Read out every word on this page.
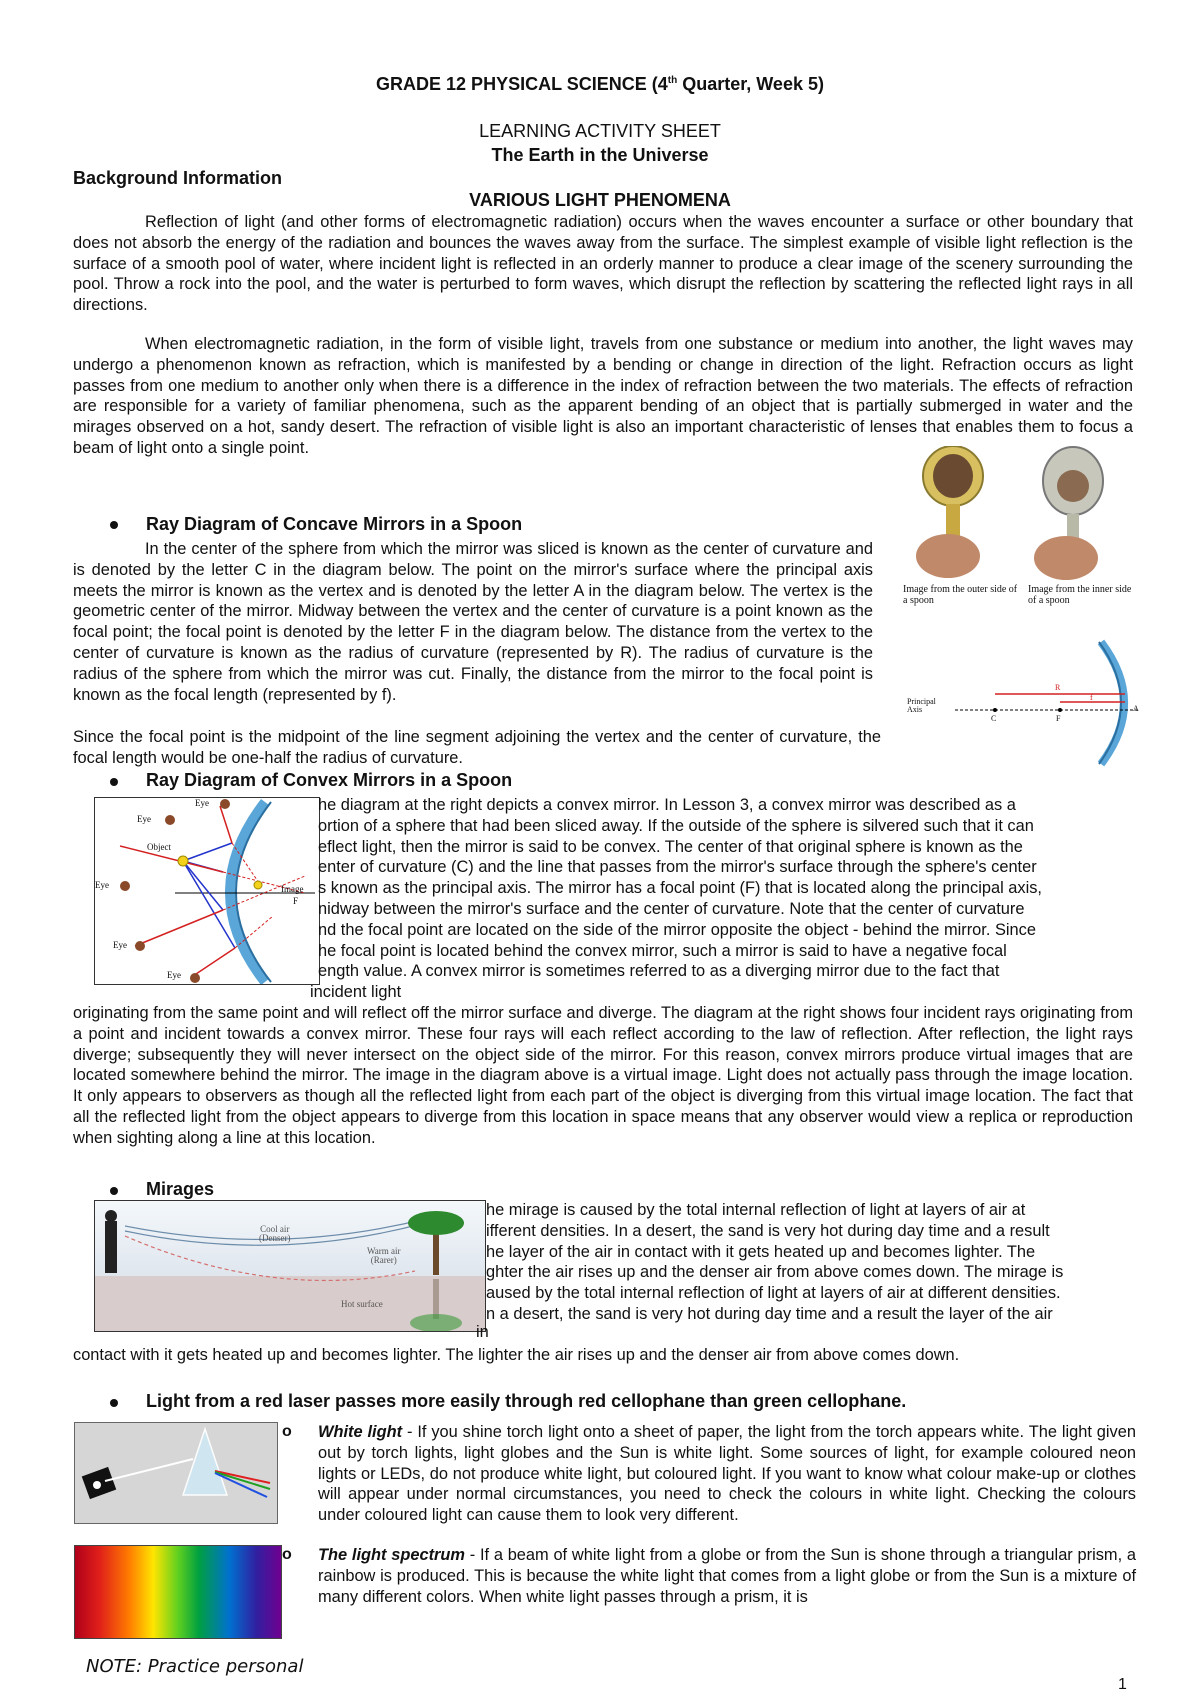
GRADE 12 PHYSICAL SCIENCE (4th Quarter, Week 5)
LEARNING ACTIVITY SHEET
The Earth in the Universe
Background Information
VARIOUS LIGHT PHENOMENA
Reflection of light (and other forms of electromagnetic radiation) occurs when the waves encounter a surface or other boundary that does not absorb the energy of the radiation and bounces the waves away from the surface. The simplest example of visible light reflection is the surface of a smooth pool of water, where incident light is reflected in an orderly manner to produce a clear image of the scenery surrounding the pool. Throw a rock into the pool, and the water is perturbed to form waves, which disrupt the reflection by scattering the reflected light rays in all directions.
When electromagnetic radiation, in the form of visible light, travels from one substance or medium into another, the light waves may undergo a phenomenon known as refraction, which is manifested by a bending or change in direction of the light. Refraction occurs as light passes from one medium to another only when there is a difference in the index of refraction between the two materials. The effects of refraction are responsible for a variety of familiar phenomena, such as the apparent bending of an object that is partially submerged in water and the mirages observed on a hot, sandy desert. The refraction of visible light is also an important characteristic of lenses that enables them to focus a beam of light onto a single point.
Ray Diagram of Concave Mirrors in a Spoon
In the center of the sphere from which the mirror was sliced is known as the center of curvature and is denoted by the letter C in the diagram below. The point on the mirror's surface where the principal axis meets the mirror is known as the vertex and is denoted by the letter A in the diagram below. The vertex is the geometric center of the mirror. Midway between the vertex and the center of curvature is a point known as the focal point; the focal point is denoted by the letter F in the diagram below. The distance from the vertex to the center of curvature is known as the radius of curvature (represented by R). The radius of curvature is the radius of the sphere from which the mirror was cut. Finally, the distance from the mirror to the focal point is known as the focal length (represented by f).
Since the focal point is the midpoint of the line segment adjoining the vertex and the center of curvature, the focal length would be one-half the radius of curvature.
Image from the outer side of a spoon
Image from the inner side of a spoon
Principal
Axis
C	F
A
R
f
Ray Diagram of Convex Mirrors in a Spoon
Eye
Eye
Object
Eye	Image
F
Eye
Eye
he diagram at the right depicts a convex mirror. In Lesson 3, a convex mirror was described as a
ortion of a sphere that had been sliced away. If the outside of the sphere is silvered such that it can
eflect light, then the mirror is said to be convex. The center of that original sphere is known as the
enter of curvature (C) and the line that passes from the mirror's surface through the sphere's center
s known as the principal axis. The mirror has a focal point (F) that is located along the principal axis,
nidway between the mirror's surface and the center of curvature. Note that the center of curvature
nd the focal point are located on the side of the mirror opposite the object - behind the mirror. Since
he focal point is located behind the convex mirror, such a mirror is said to have a negative focal
ength value. A convex mirror is sometimes referred to as a diverging mirror due to the fact that
incident light
originating from the same point and will reflect off the mirror surface and diverge. The diagram at the right shows four incident rays originating from a point and incident towards a convex mirror. These four rays will each reflect according to the law of reflection. After reflection, the light rays diverge; subsequently they will never intersect on the object side of the mirror. For this reason, convex mirrors produce virtual images that are located somewhere behind the mirror. The image in the diagram above is a virtual image. Light does not actually pass through the image location. It only appears to observers as though all the reflected light from each part of the object is diverging from this virtual image location. The fact that all the reflected light from the object appears to diverge from this location in space means that any observer would view a replica or reproduction when sighting along a line at this location.
Mirages
Cool air
(Denser)
Warm air
(Rarer)
Hot surface
he mirage is caused by the total internal reflection of light at layers of air at
ifferent densities. In a desert, the sand is very hot during day time and a result
he layer of the air in contact with it gets heated up and becomes lighter. The
ghter the air rises up and the denser air from above comes down. The mirage is
aused by the total internal reflection of light at layers of air at different densities.
n a desert, the sand is very hot during day time and a result the layer of the air
in
contact with it gets heated up and becomes lighter. The lighter the air rises up and the denser air from above comes down.
Light from a red laser passes more easily through red cellophane than green cellophane.
o White light - If you shine torch light onto a sheet of paper, the light from the torch appears white. The light given out by torch lights, light globes and the Sun is white light. Some sources of light, for example coloured neon lights or LEDs, do not produce white light, but coloured light. If you want to know what colour make-up or clothes will appear under normal circumstances, you need to check the colours in white light. Checking the colours under coloured light can cause them to look very different.
o The light spectrum - If a beam of white light from a globe or from the Sun is shone through a triangular prism, a rainbow is produced. This is because the white light that comes from a light globe or from the Sun is a mixture of many different colors. When white light passes through a prism, it is
NOTE: Practice personal
1
